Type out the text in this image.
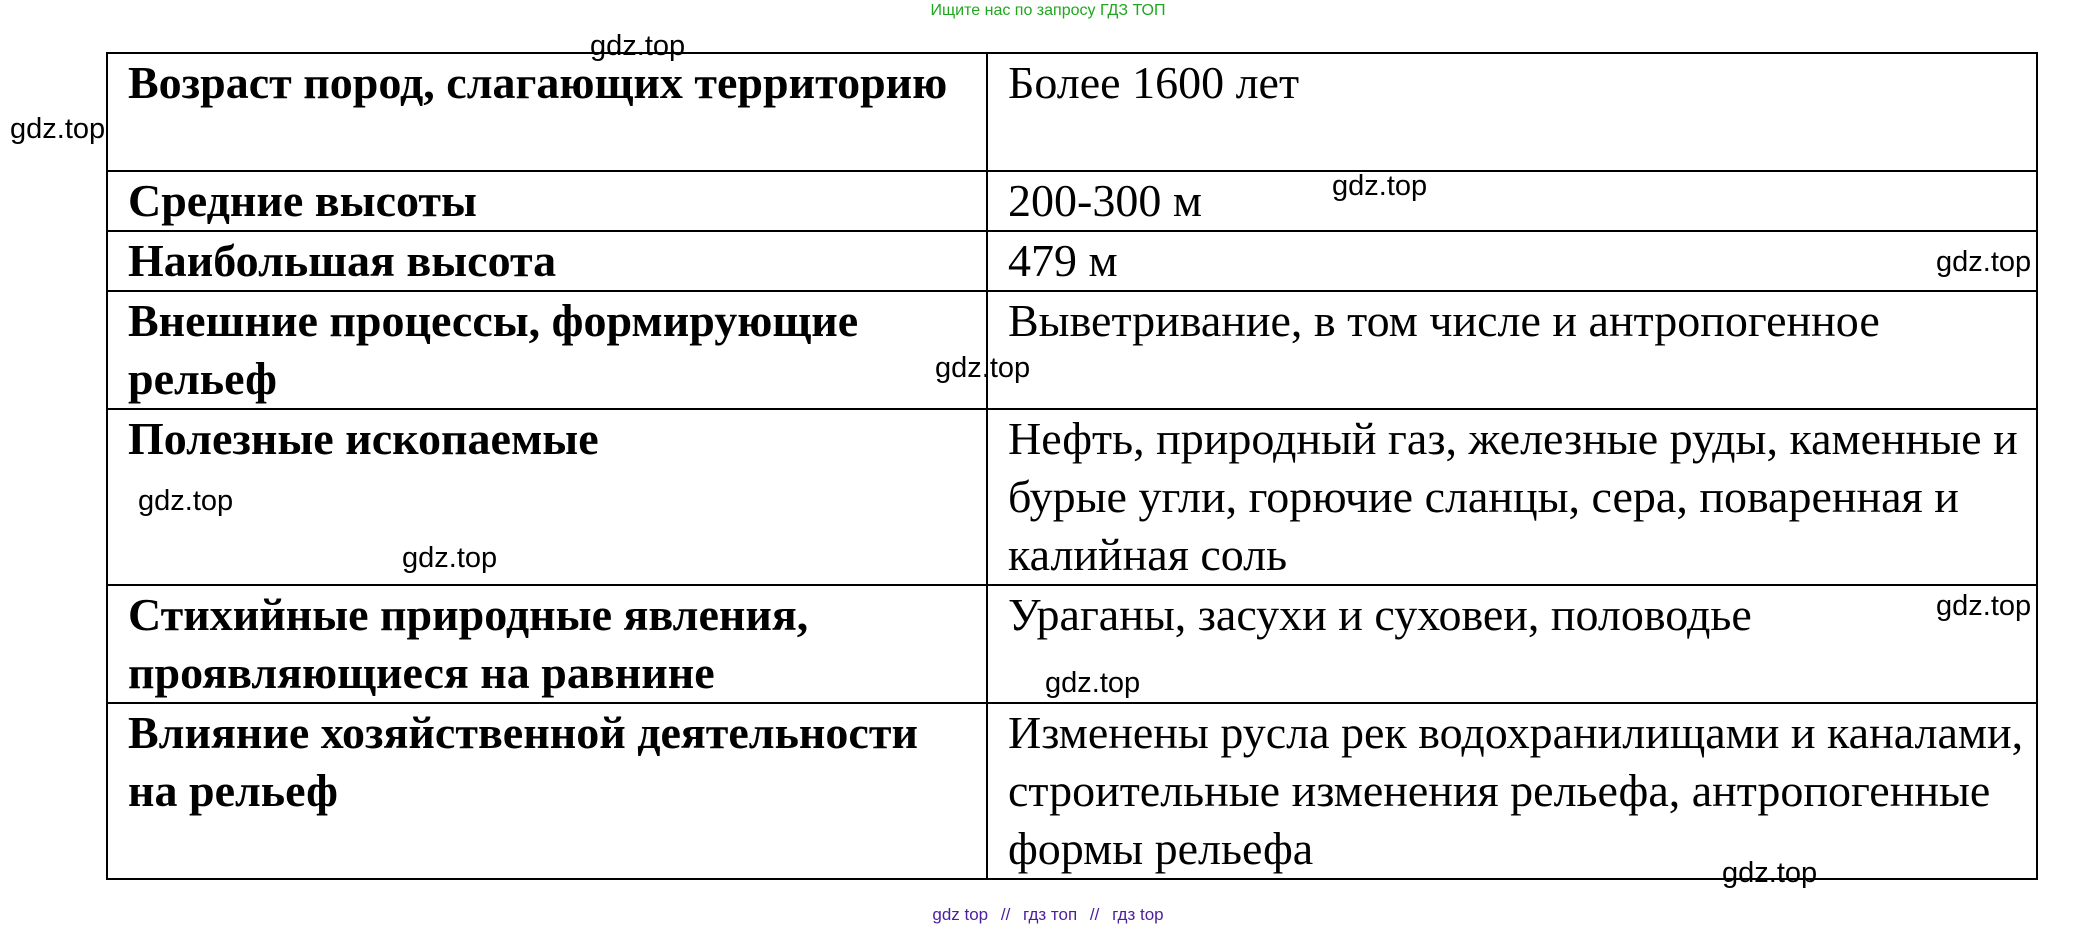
Ищите нас по запросу ГДЗ ТОП
Возраст пород, слагающих территорию	Более 1600 лет
Средние высоты	200-300 м
Наибольшая высота	479 м
Внешние процессы, формирующие рельеф	Выветривание, в том числе и антропогенное
Полезные ископаемые	Нефть, природный газ, железные руды, каменные и бурые угли, горючие сланцы, сера, поваренная и калийная соль
Стихийные природные явления, проявляющиеся на равнине	Ураганы, засухи и суховеи, половодье
Влияние хозяйственной деятельности на рельеф	Изменены русла рек водохранилищами и каналами, строительные изменения рельефа, антропогенные формы рельефа
gdz.top
gdz.top
gdz.top
gdz.top
gdz.top
gdz.top
gdz.top
gdz.top
gdz.top
gdz.top
gdz top // гдз топ // гдз top
